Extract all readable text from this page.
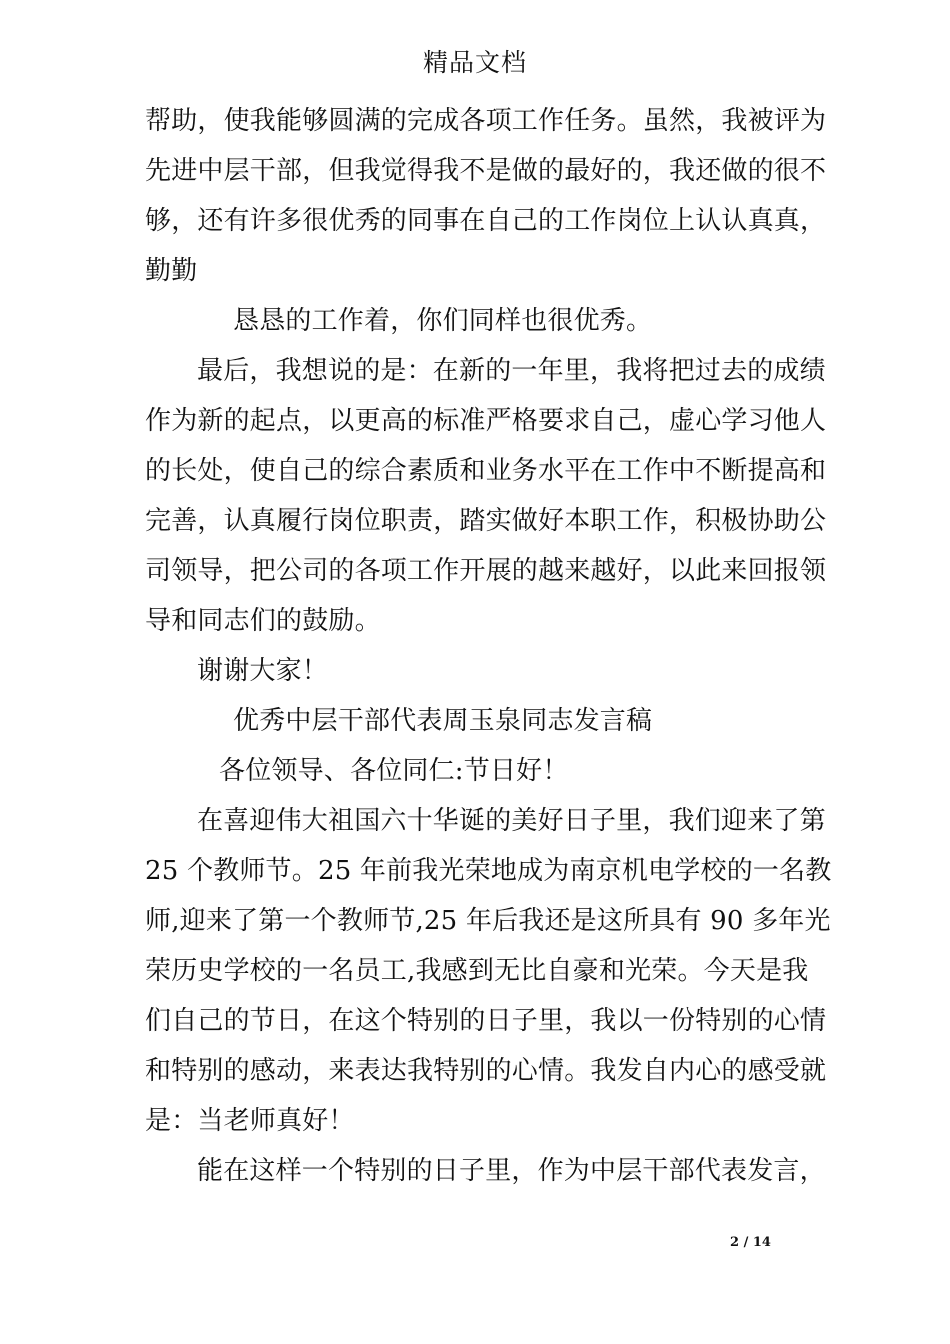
精品文档
帮助，使我能够圆满的完成各项工作任务。虽然，我被评为
先进中层干部，但我觉得我不是做的最好的，我还做的很不
够，还有许多很优秀的同事在自己的工作岗位上认认真真，
勤勤
恳恳的工作着，你们同样也很优秀。
最后，我想说的是：在新的一年里，我将把过去的成绩
作为新的起点，以更高的标准严格要求自己，虚心学习他人
的长处，使自己的综合素质和业务水平在工作中不断提高和
完善，认真履行岗位职责，踏实做好本职工作，积极协助公
司领导，把公司的各项工作开展的越来越好，以此来回报领
导和同志们的鼓励。
谢谢大家！
优秀中层干部代表周玉泉同志发言稿
各位领导、各位同仁:节日好！
在喜迎伟大祖国六十华诞的美好日子里，我们迎来了第
25 个教师节。25 年前我光荣地成为南京机电学校的一名教
师,迎来了第一个教师节,25 年后我还是这所具有 90 多年光
荣历史学校的一名员工,我感到无比自豪和光荣。今天是我
们自己的节日，在这个特别的日子里，我以一份特别的心情
和特别的感动，来表达我特别的心情。我发自内心的感受就
是：当老师真好！
能在这样一个特别的日子里，作为中层干部代表发言，
2 / 14
